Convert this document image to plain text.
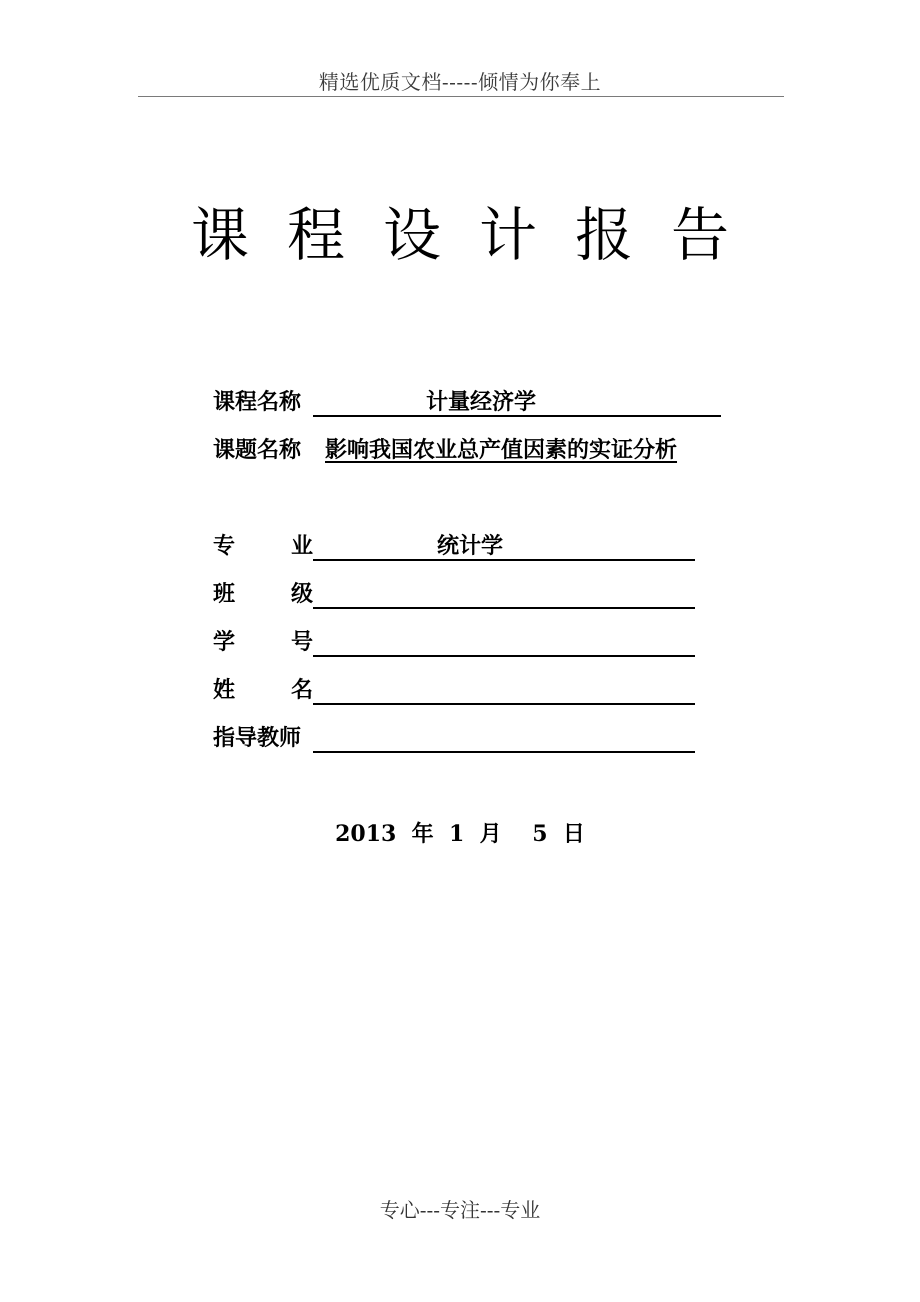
精选优质文档-----倾情为你奉上
课 程 设 计 报 告
课程名称	计量经济学
课题名称 影响我国农业总产值因素的实证分析
专	业	统计学
班	级
学	号
姓	名
指导教师
2013  年  1  月    5  日
专心---专注---专业
